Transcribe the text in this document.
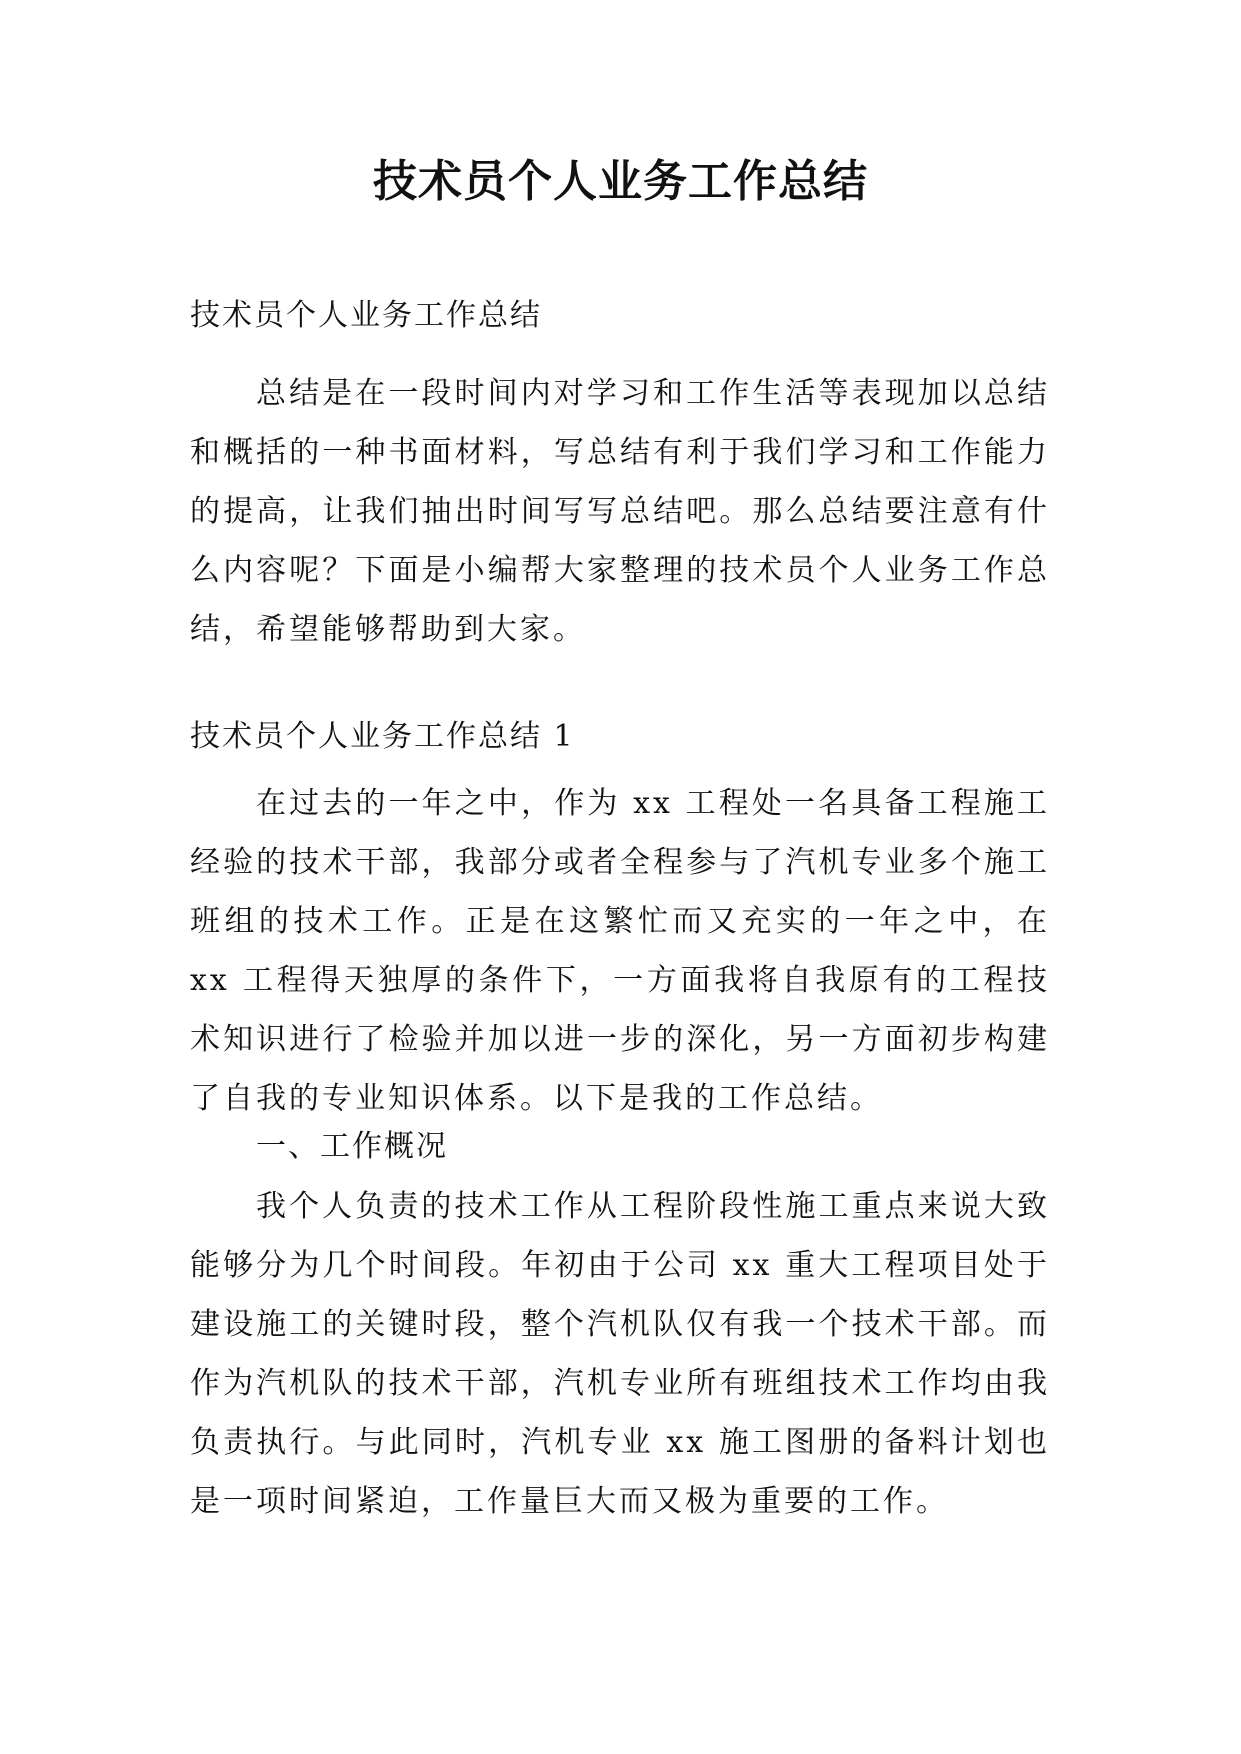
技术员个人业务工作总结
技术员个人业务工作总结

总结是在一段时间内对学习和工作生活等表现加以总结和概括的一种书面材料，写总结有利于我们学习和工作能力的提高，让我们抽出时间写写总结吧。那么总结要注意有什么内容呢？下面是小编帮大家整理的技术员个人业务工作总结，希望能够帮助到大家。

技术员个人业务工作总结 1

在过去的一年之中，作为 xx 工程处一名具备工程施工经验的技术干部，我部分或者全程参与了汽机专业多个施工班组的技术工作。正是在这繁忙而又充实的一年之中，在 xx 工程得天独厚的条件下，一方面我将自我原有的工程技术知识进行了检验并加以进一步的深化，另一方面初步构建了自我的专业知识体系。以下是我的工作总结。

一、工作概况

我个人负责的技术工作从工程阶段性施工重点来说大致能够分为几个时间段。年初由于公司 xx 重大工程项目处于建设施工的关键时段，整个汽机队仅有我一个技术干部。而作为汽机队的技术干部，汽机专业所有班组技术工作均由我负责执行。与此同时，汽机专业 xx 施工图册的备料计划也是一项时间紧迫，工作量巨大而又极为重要的工作。
